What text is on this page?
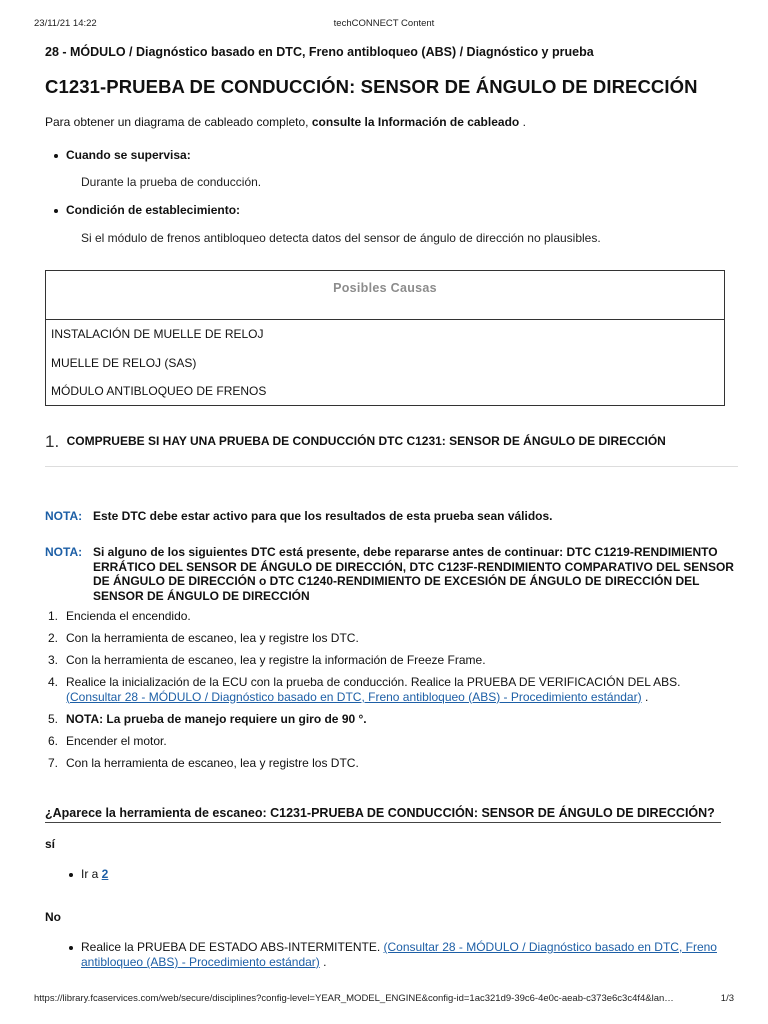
23/11/21 14:22	techCONNECT Content
28 - MÓDULO / Diagnóstico basado en DTC, Freno antibloqueo (ABS) / Diagnóstico y prueba
C1231-PRUEBA DE CONDUCCIÓN: SENSOR DE ÁNGULO DE DIRECCIÓN
Para obtener un diagrama de cableado completo, consulte la Información de cableado .
Cuando se supervisa:
Durante la prueba de conducción.
Condición de establecimiento:
Si el módulo de frenos antibloqueo detecta datos del sensor de ángulo de dirección no plausibles.
Posibles Causas
INSTALACIÓN DE MUELLE DE RELOJ
MUELLE DE RELOJ (SAS)
MÓDULO ANTIBLOQUEO DE FRENOS
1. COMPRUEBE SI HAY UNA PRUEBA DE CONDUCCIÓN DTC C1231: SENSOR DE ÁNGULO DE DIRECCIÓN
NOTA: Este DTC debe estar activo para que los resultados de esta prueba sean válidos.
NOTA: Si alguno de los siguientes DTC está presente, debe repararse antes de continuar: DTC C1219-RENDIMIENTO ERRÁTICO DEL SENSOR DE ÁNGULO DE DIRECCIÓN, DTC C123F-RENDIMIENTO COMPARATIVO DEL SENSOR DE ÁNGULO DE DIRECCIÓN o DTC C1240-RENDIMIENTO DE EXCESIÓN DE ÁNGULO DE DIRECCIÓN DEL SENSOR DE ÁNGULO DE DIRECCIÓN
1. Encienda el encendido.
2. Con la herramienta de escaneo, lea y registre los DTC.
3. Con la herramienta de escaneo, lea y registre la información de Freeze Frame.
4. Realice la inicialización de la ECU con la prueba de conducción. Realice la PRUEBA DE VERIFICACIÓN DEL ABS.
(Consultar 28 - MÓDULO / Diagnóstico basado en DTC, Freno antibloqueo (ABS) - Procedimiento estándar) .
5. NOTA: La prueba de manejo requiere un giro de 90 °.
6. Encender el motor.
7. Con la herramienta de escaneo, lea y registre los DTC.
¿Aparece la herramienta de escaneo: C1231-PRUEBA DE CONDUCCIÓN: SENSOR DE ÁNGULO DE DIRECCIÓN?
sí
Ir a 2
No
Realice la PRUEBA DE ESTADO ABS-INTERMITENTE. (Consultar 28 - MÓDULO / Diagnóstico basado en DTC, Freno antibloqueo (ABS) - Procedimiento estándar) .
https://library.fcaservices.com/web/secure/disciplines?config-level=YEAR_MODEL_ENGINE&config-id=1ac321d9-39c6-4e0c-aeab-c373e6c3c4f4&lan…	1/3
